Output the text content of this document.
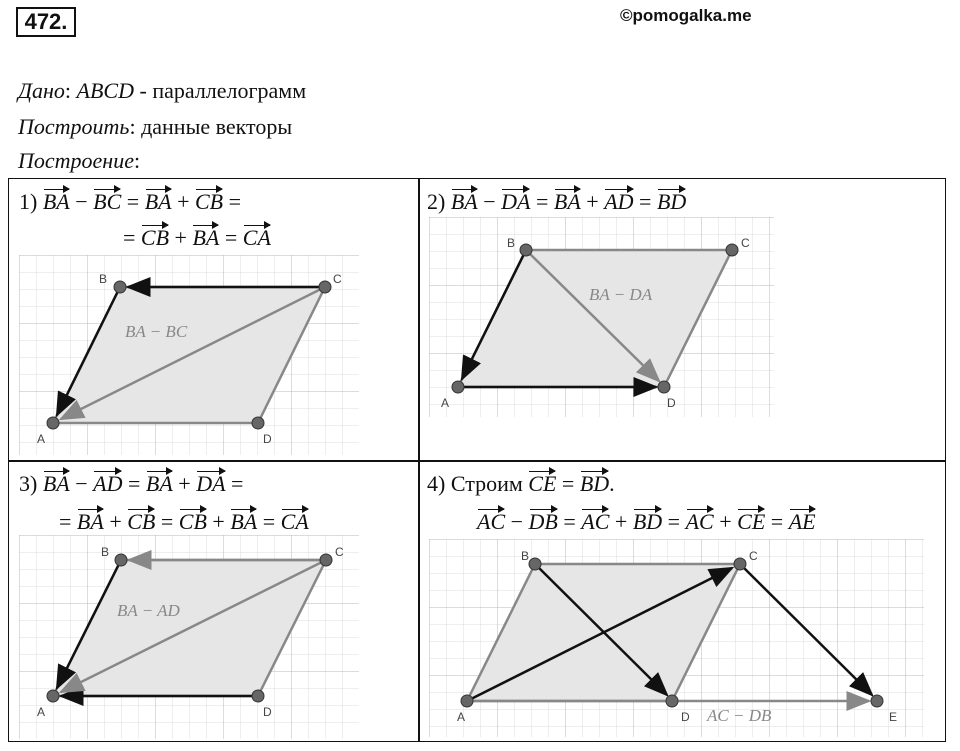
472.	©pomogalka.me
Дано: ABCD - параллелограмм
Построить: данные векторы
Построение:
1) BA − BC = BA + CB =
= CB + BA = CA
A
B	C
D
BA − BC
2) BA − DA = BA + AD = BD
A
B	C
D
BA − DA
3) BA − AD = BA + DA =
= BA + CB = CB + BA = CA
A
B	C
D
BA − AD
4) Строим CE = BD.
AC − DB = AC + BD = AC + CE = AE
A
B	C
D	E
AC − DB
